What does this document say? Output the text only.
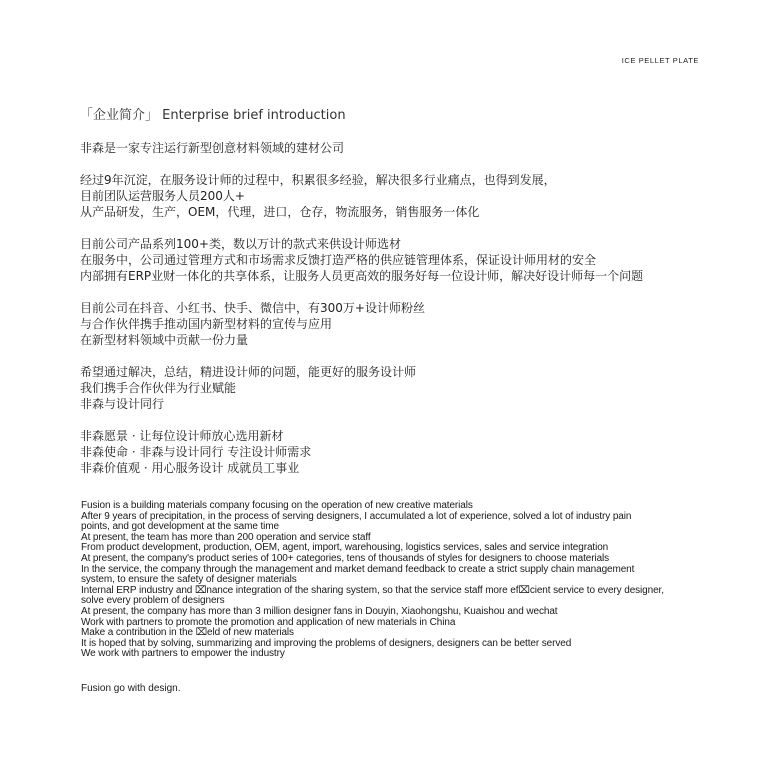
ICE PELLET PLATE
「企业简介」 Enterprise brief introduction
非森是一家专注运行新型创意材料领域的建材公司
经过9年沉淀，在服务设计师的过程中，积累很多经验，解决很多行业痛点，也得到发展，
目前团队运营服务人员200人+
从产品研发，生产，OEM，代理，进口，仓存，物流服务，销售服务一体化
目前公司产品系列100+类，数以万计的款式来供设计师选材
在服务中，公司通过管理方式和市场需求反馈打造严格的供应链管理体系，保证设计师用材的安全
内部拥有ERP业财一体化的共享体系，让服务人员更高效的服务好每一位设计师，解决好设计师每一个问题
目前公司在抖音、小红书、快手、微信中，有300万+设计师粉丝
与合作伙伴携手推动国内新型材料的宣传与应用
在新型材料领域中贡献一份力量
希望通过解决，总结，精进设计师的问题，能更好的服务设计师
我们携手合作伙伴为行业赋能
非森与设计同行
非森愿景 · 让每位设计师放心选用新材
非森使命 · 非森与设计同行 专注设计师需求
非森价值观 · 用心服务设计 成就员工事业
Fusion is a building materials company focusing on the operation of new creative materials
After 9 years of precipitation, in the process of serving designers, I accumulated a lot of experience, solved a lot of industry pain
points, and got development at the same time
At present, the team has more than 200 operation and service staff
From product development, production, OEM, agent, import, warehousing, logistics services, sales and service integration
At present, the company's product series of 100+ categories, tens of thousands of styles for designers to choose materials
In the service, the company through the management and market demand feedback to create a strict supply chain management
system, to ensure the safety of designer materials
Internal ERP industry and ⌧nance integration of the sharing system, so that the service staff more ef⌧cient service to every designer,
solve every problem of designers
At present, the company has more than 3 million designer fans in Douyin, Xiaohongshu, Kuaishou and wechat
Work with partners to promote the promotion and application of new materials in China
Make a contribution in the ⌧eld of new materials
It is hoped that by solving, summarizing and improving the problems of designers, designers can be better served
We work with partners to empower the industry
Fusion go with design.
